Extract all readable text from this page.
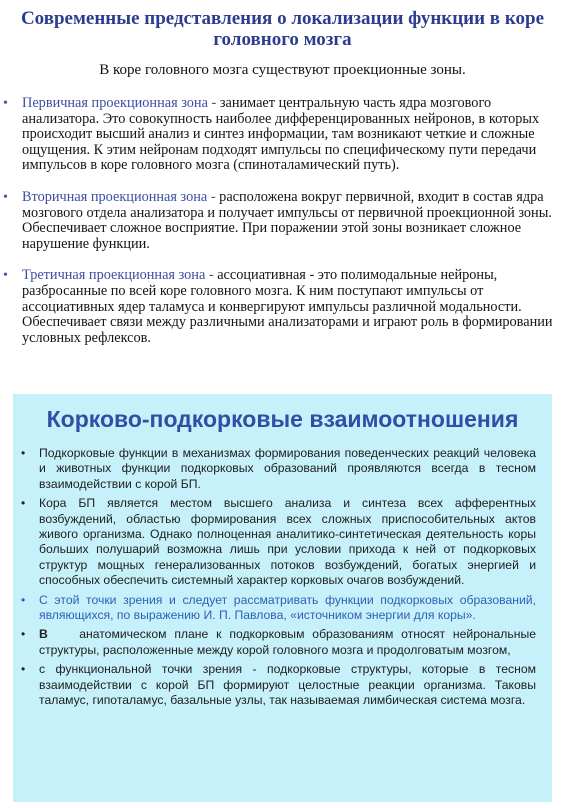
Современные представления о локализации функции в коре головного мозга

В коре головного мозга существуют проекционные зоны.

• Первичная проекционная зона - занимает центральную часть ядра мозгового анализатора. Это совокупность наиболее дифференцированных нейронов, в которых происходит высший анализ и синтез информации, там возникают четкие и сложные ощущения. К этим нейронам подходят импульсы по специфическому пути передачи импульсов в коре головного мозга (спиноталамический путь).
• Вторичная проекционная зона - расположена вокруг первичной, входит в состав ядра мозгового отдела анализатора и получает импульсы от первичной проекционной зоны. Обеспечивает сложное восприятие. При поражении этой зоны возникает сложное нарушение функции.
• Третичная проекционная зона - ассоциативная - это полимодальные нейроны, разбросанные по всей коре головного мозга. К ним поступают импульсы от ассоциативных ядер таламуса и конвергируют импульсы различной модальности. Обеспечивает связи между различными анализаторами и играют роль в формировании условных рефлексов.
Корково-подкорковые взаимоотношения
• Подкорковые функции в механизмах формирования поведенческих реакций человека и животных функции подкорковых образований проявляются всегда в тесном взаимодействии с корой БП.
• Кора БП является местом высшего анализа и синтеза всех афферентных возбуждений, областью формирования всех сложных приспособительных актов живого организма. Однако полноценная аналитико-синтетическая деятельность коры больших полушарий возможна лишь при условии прихода к ней от подкорковых структур мощных генерализованных потоков возбуждений, богатых энергией и способных обеспечить системный характер корковых очагов возбуждений.
• С этой точки зрения и следует рассматривать функции подкорковых образований, являющихся, по выражению И. П. Павлова, «источником энергии для коры».
• В	анатомическом плане к подкорковым образованиям относят нейрональные структуры, расположенные между корой головного мозга и продолговатым мозгом,
• с функциональной точки зрения - подкорковые структуры, которые в тесном взаимодействии с корой БП формируют целостные реакции организма. Таковы таламус, гипоталамус, базальные узлы, так называемая лимбическая система мозга.
